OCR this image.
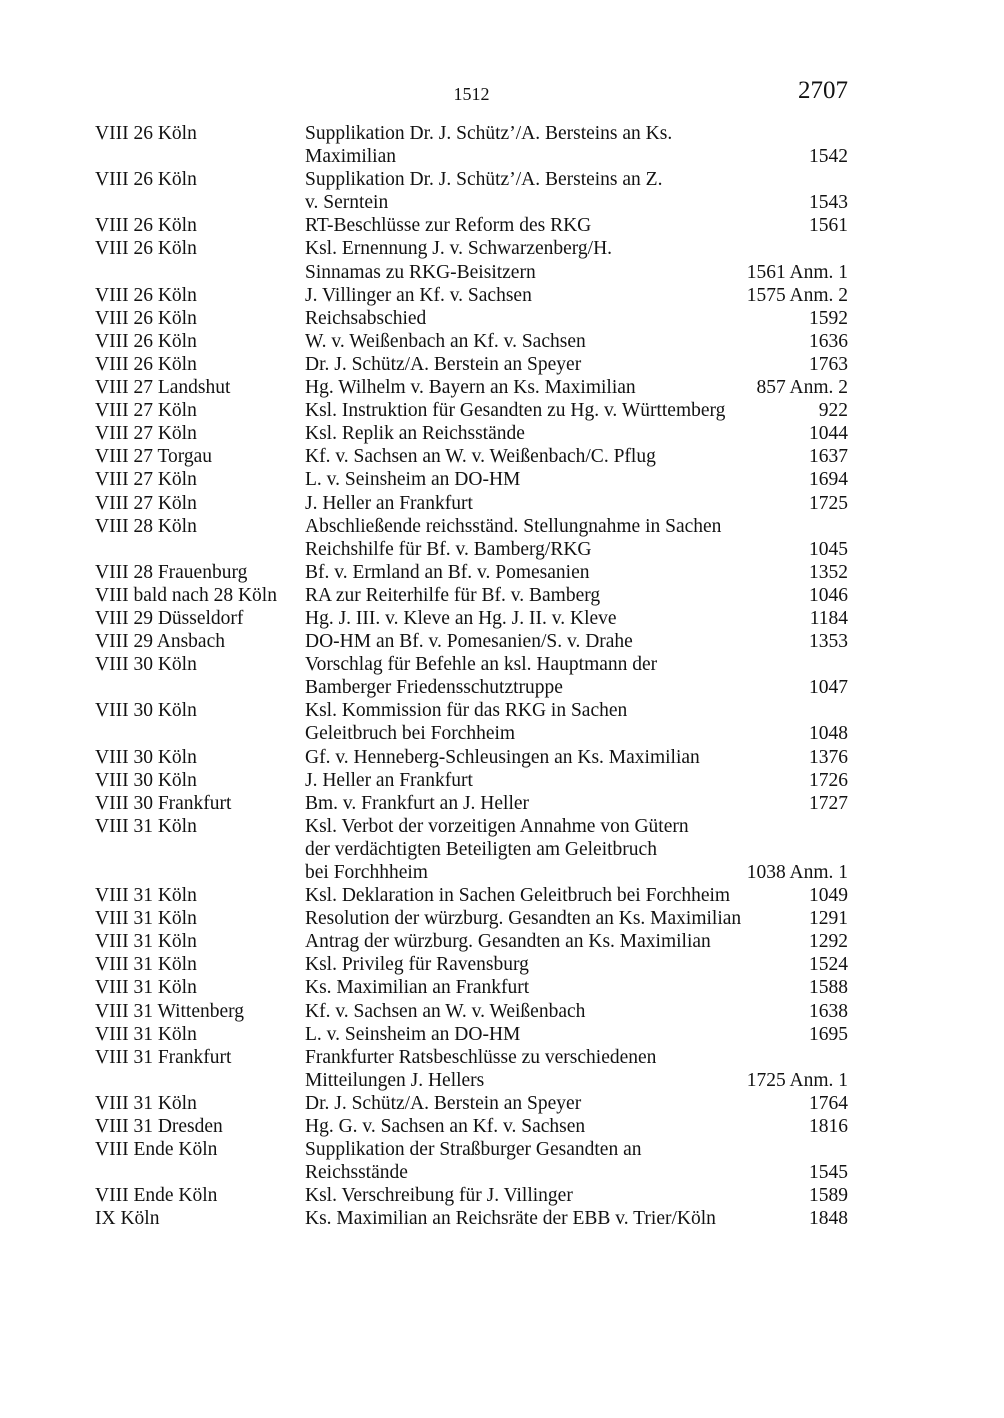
1512	2707
VIII 26 Köln	Supplikation Dr. J. Schütz’/A. Bersteins an Ks.
Maximilian	1542
VIII 26 Köln	Supplikation Dr. J. Schütz’/A. Bersteins an Z.
v. Serntein	1543
VIII 26 Köln	RT-Beschlüsse zur Reform des RKG	1561
VIII 26 Köln	Ksl. Ernennung J. v. Schwarzenberg/H.
Sinnamas zu RKG-Beisitzern	1561 Anm. 1
VIII 26 Köln	J. Villinger an Kf. v. Sachsen	1575 Anm. 2
VIII 26 Köln	Reichsabschied	1592
VIII 26 Köln	W. v. Weißenbach an Kf. v. Sachsen	1636
VIII 26 Köln	Dr. J. Schütz/A. Berstein an Speyer	1763
VIII 27 Landshut	Hg. Wilhelm v. Bayern an Ks. Maximilian	857 Anm. 2
VIII 27 Köln	Ksl. Instruktion für Gesandten zu Hg. v. Württemberg	922
VIII 27 Köln	Ksl. Replik an Reichsstände	1044
VIII 27 Torgau	Kf. v. Sachsen an W. v. Weißenbach/C. Pflug	1637
VIII 27 Köln	L. v. Seinsheim an DO-HM	1694
VIII 27 Köln	J. Heller an Frankfurt	1725
VIII 28 Köln	Abschließende reichsständ. Stellungnahme in Sachen
Reichshilfe für Bf. v. Bamberg/RKG	1045
VIII 28 Frauenburg	Bf. v. Ermland an Bf. v. Pomesanien	1352
VIII bald nach 28 Köln	RA zur Reiterhilfe für Bf. v. Bamberg	1046
VIII 29 Düsseldorf	Hg. J. III. v. Kleve an Hg. J. II. v. Kleve	1184
VIII 29 Ansbach	DO-HM an Bf. v. Pomesanien/S. v. Drahe	1353
VIII 30 Köln	Vorschlag für Befehle an ksl. Hauptmann der
Bamberger Friedensschutztruppe	1047
VIII 30 Köln	Ksl. Kommission für das RKG in Sachen
Geleitbruch bei Forchheim	1048
VIII 30 Köln	Gf. v. Henneberg-Schleusingen an Ks. Maximilian	1376
VIII 30 Köln	J. Heller an Frankfurt	1726
VIII 30 Frankfurt	Bm. v. Frankfurt an J. Heller	1727
VIII 31 Köln	Ksl. Verbot der vorzeitigen Annahme von Gütern
der verdächtigten Beteiligten am Geleitbruch
bei Forchhheim	1038 Anm. 1
VIII 31 Köln	Ksl. Deklaration in Sachen Geleitbruch bei Forchheim	1049
VIII 31 Köln	Resolution der würzburg. Gesandten an Ks. Maximilian	1291
VIII 31 Köln	Antrag der würzburg. Gesandten an Ks. Maximilian	1292
VIII 31 Köln	Ksl. Privileg für Ravensburg	1524
VIII 31 Köln	Ks. Maximilian an Frankfurt	1588
VIII 31 Wittenberg	Kf. v. Sachsen an W. v. Weißenbach	1638
VIII 31 Köln	L. v. Seinsheim an DO-HM	1695
VIII 31 Frankfurt	Frankfurter Ratsbeschlüsse zu verschiedenen
Mitteilungen J. Hellers	1725 Anm. 1
VIII 31 Köln	Dr. J. Schütz/A. Berstein an Speyer	1764
VIII 31 Dresden	Hg. G. v. Sachsen an Kf. v. Sachsen	1816
VIII Ende Köln	Supplikation der Straßburger Gesandten an
Reichsstände	1545
VIII Ende Köln	Ksl. Verschreibung für J. Villinger	1589
IX Köln	Ks. Maximilian an Reichsräte der EBB v. Trier/Köln	1848
